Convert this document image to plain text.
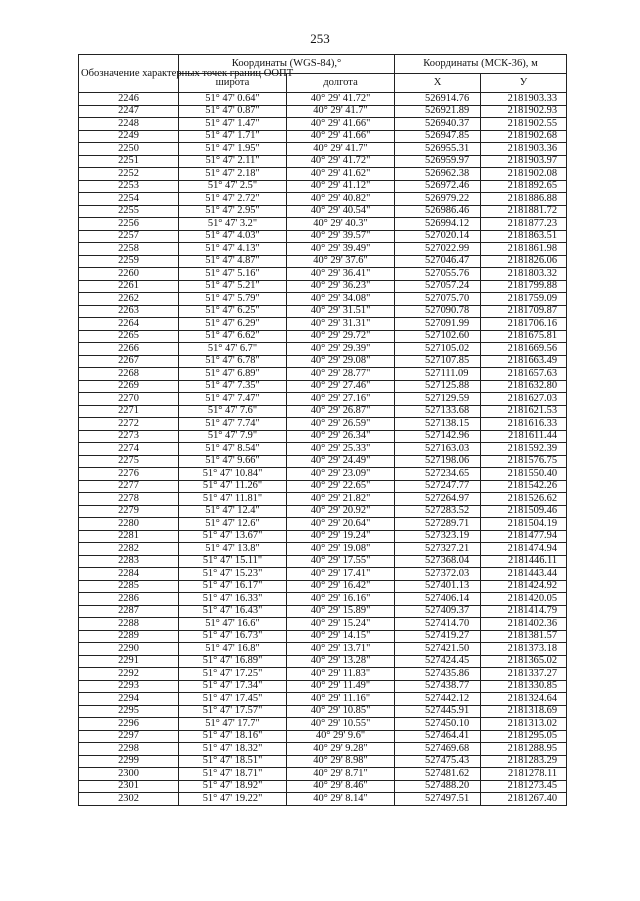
253
Обозначение характерных точек границ ООПТ	Координаты (WGS-84),°		Координаты (МСК-36), м	
	широта	долгота	X	У
2246	51° 47' 0.64"	40° 29' 41.72"	526914.76	2181903.33
2247	51° 47' 0.87"	40° 29' 41.7"	526921.89	2181902.93
2248	51° 47' 1.47"	40° 29' 41.66"	526940.37	2181902.55
2249	51° 47' 1.71"	40° 29' 41.66"	526947.85	2181902.68
2250	51° 47' 1.95"	40° 29' 41.7"	526955.31	2181903.36
2251	51° 47' 2.11"	40° 29' 41.72"	526959.97	2181903.97
2252	51° 47' 2.18"	40° 29' 41.62"	526962.38	2181902.08
2253	51° 47' 2.5"	40° 29' 41.12"	526972.46	2181892.65
2254	51° 47' 2.72"	40° 29' 40.82"	526979.22	2181886.88
2255	51° 47' 2.95"	40° 29' 40.54"	526986.46	2181881.72
2256	51° 47' 3.2"	40° 29' 40.3"	526994.12	2181877.23
2257	51° 47' 4.03"	40° 29' 39.57"	527020.14	2181863.51
2258	51° 47' 4.13"	40° 29' 39.49"	527022.99	2181861.98
2259	51° 47' 4.87"	40° 29' 37.6"	527046.47	2181826.06
2260	51° 47' 5.16"	40° 29' 36.41"	527055.76	2181803.32
2261	51° 47' 5.21"	40° 29' 36.23"	527057.24	2181799.88
2262	51° 47' 5.79"	40° 29' 34.08"	527075.70	2181759.09
2263	51° 47' 6.25"	40° 29' 31.51"	527090.78	2181709.87
2264	51° 47' 6.29"	40° 29' 31.31"	527091.99	2181706.16
2265	51° 47' 6.62"	40° 29' 29.72"	527102.60	2181675.81
2266	51° 47' 6.7"	40° 29' 29.39"	527105.02	2181669.56
2267	51° 47' 6.78"	40° 29' 29.08"	527107.85	2181663.49
2268	51° 47' 6.89"	40° 29' 28.77"	527111.09	2181657.63
2269	51° 47' 7.35"	40° 29' 27.46"	527125.88	2181632.80
2270	51° 47' 7.47"	40° 29' 27.16"	527129.59	2181627.03
2271	51° 47' 7.6"	40° 29' 26.87"	527133.68	2181621.53
2272	51° 47' 7.74"	40° 29' 26.59"	527138.15	2181616.33
2273	51° 47' 7.9"	40° 29' 26.34"	527142.96	2181611.44
2274	51° 47' 8.54"	40° 29' 25.33"	527163.03	2181592.39
2275	51° 47' 9.66"	40° 29' 24.49"	527198.06	2181576.75
2276	51° 47' 10.84"	40° 29' 23.09"	527234.65	2181550.40
2277	51° 47' 11.26"	40° 29' 22.65"	527247.77	2181542.26
2278	51° 47' 11.81"	40° 29' 21.82"	527264.97	2181526.62
2279	51° 47' 12.4"	40° 29' 20.92"	527283.52	2181509.46
2280	51° 47' 12.6"	40° 29' 20.64"	527289.71	2181504.19
2281	51° 47' 13.67"	40° 29' 19.24"	527323.19	2181477.94
2282	51° 47' 13.8"	40° 29' 19.08"	527327.21	2181474.94
2283	51° 47' 15.11"	40° 29' 17.55"	527368.04	2181446.11
2284	51° 47' 15.23"	40° 29' 17.41"	527372.03	2181443.44
2285	51° 47' 16.17"	40° 29' 16.42"	527401.13	2181424.92
2286	51° 47' 16.33"	40° 29' 16.16"	527406.14	2181420.05
2287	51° 47' 16.43"	40° 29' 15.89"	527409.37	2181414.79
2288	51° 47' 16.6"	40° 29' 15.24"	527414.70	2181402.36
2289	51° 47' 16.73"	40° 29' 14.15"	527419.27	2181381.57
2290	51° 47' 16.8"	40° 29' 13.71"	527421.50	2181373.18
2291	51° 47' 16.89"	40° 29' 13.28"	527424.45	2181365.02
2292	51° 47' 17.25"	40° 29' 11.83"	527435.86	2181337.27
2293	51° 47' 17.34"	40° 29' 11.49"	527438.77	2181330.85
2294	51° 47' 17.45"	40° 29' 11.16"	527442.12	2181324.64
2295	51° 47' 17.57"	40° 29' 10.85"	527445.91	2181318.69
2296	51° 47' 17.7"	40° 29' 10.55"	527450.10	2181313.02
2297	51° 47' 18.16"	40° 29' 9.6"	527464.41	2181295.05
2298	51° 47' 18.32"	40° 29' 9.28"	527469.68	2181288.95
2299	51° 47' 18.51"	40° 29' 8.98"	527475.43	2181283.29
2300	51° 47' 18.71"	40° 29' 8.71"	527481.62	2181278.11
2301	51° 47' 18.92"	40° 29' 8.46"	527488.20	2181273.45
2302	51° 47' 19.22"	40° 29' 8.14"	527497.51	2181267.40
